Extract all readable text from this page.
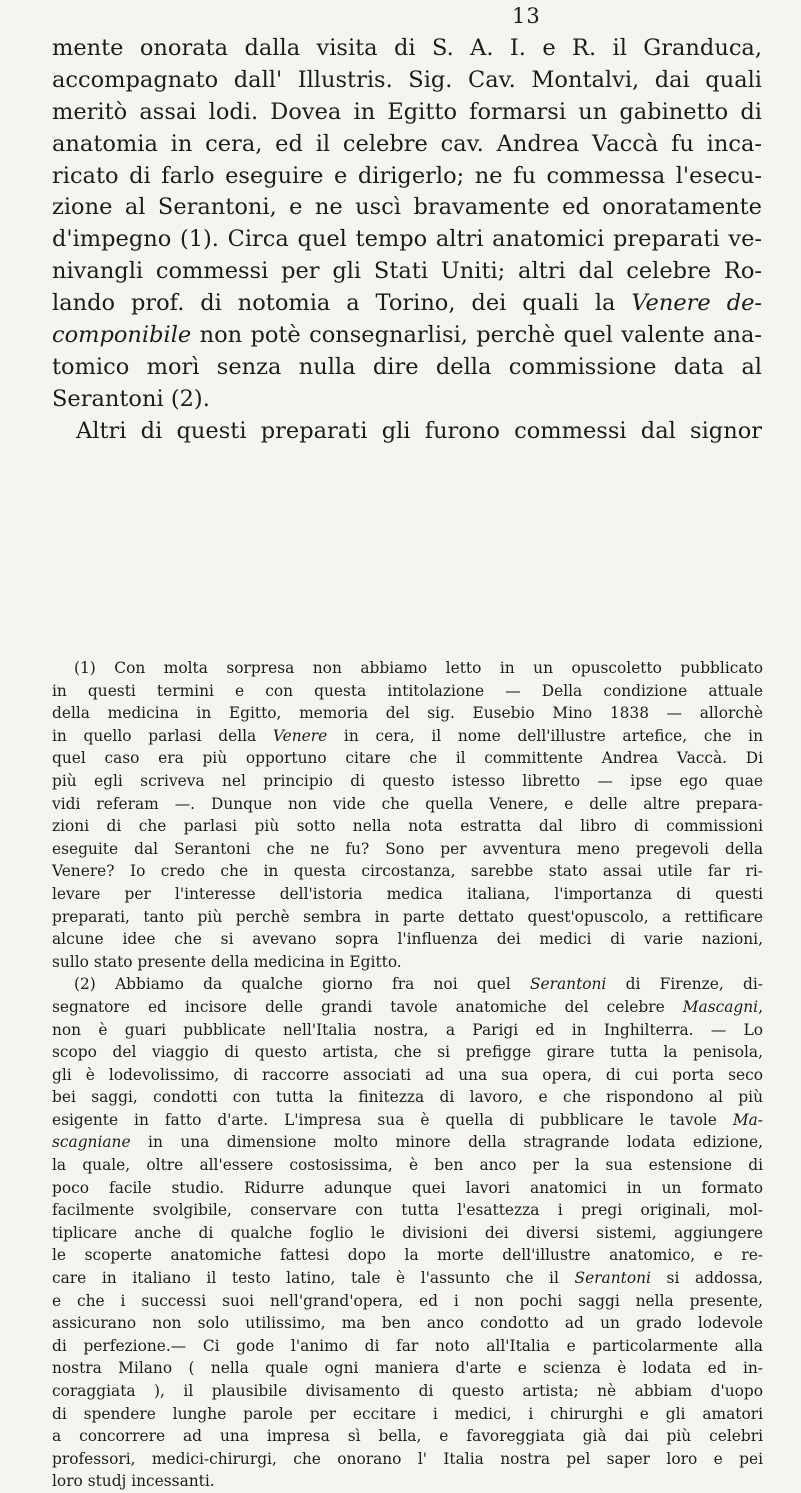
13
mente onorata dalla visita di S. A. I. e R. il Granduca,
accompagnato dall' Illustris. Sig. Cav. Montalvi, dai quali
meritò assai lodi. Dovea in Egitto formarsi un gabinetto di
anatomia in cera, ed il celebre cav. Andrea Vaccà fu inca-
ricato di farlo eseguire e dirigerlo; ne fu commessa l'esecu-
zione al Serantoni, e ne uscì bravamente ed onoratamente
d'impegno (1). Circa quel tempo altri anatomici preparati ve-
nivangli commessi per gli Stati Uniti; altri dal celebre Ro-
lando prof. di notomia a Torino, dei quali la Venere de-
componibile non potè consegnarlisi, perchè quel valente ana-
tomico morì senza nulla dire della commissione data al
Serantoni (2).
Altri di questi preparati gli furono commessi dal signor
(1) Con molta sorpresa non abbiamo letto in un opuscoletto pubblicato
in questi termini e con questa intitolazione — Della condizione attuale
della medicina in Egitto, memoria del sig. Eusebio Mino 1838 — allorchè
in quello parlasi della Venere in cera, il nome dell'illustre artefice, che in
quel caso era più opportuno citare che il committente Andrea Vaccà. Di
più egli scriveva nel principio di questo istesso libretto — ipse ego quae
vidi referam —. Dunque non vide che quella Venere, e delle altre prepara-
zioni di che parlasi più sotto nella nota estratta dal libro di commissioni
eseguite dal Serantoni che ne fu? Sono per avventura meno pregevoli della
Venere? Io credo che in questa circostanza, sarebbe stato assai utile far ri-
levare per l'interesse dell'istoria medica italiana, l'importanza di questi
preparati, tanto più perchè sembra in parte dettato quest'opuscolo, a rettificare
alcune idee che si avevano sopra l'influenza dei medici di varie nazioni,
sullo stato presente della medicina in Egitto.
(2) Abbiamo da qualche giorno fra noi quel Serantoni di Firenze, di-
segnatore ed incisore delle grandi tavole anatomiche del celebre Mascagni,
non è guari pubblicate nell'Italia nostra, a Parigi ed in Inghilterra. — Lo
scopo del viaggio di questo artista, che si prefigge girare tutta la penisola,
gli è lodevolissimo, di raccorre associati ad una sua opera, di cui porta seco
bei saggi, condotti con tutta la finitezza di lavoro, e che rispondono al più
esigente in fatto d'arte. L'impresa sua è quella di pubblicare le tavole Ma-
scagniane in una dimensione molto minore della stragrande lodata edizione,
la quale, oltre all'essere costosissima, è ben anco per la sua estensione di
poco facile studio. Ridurre adunque quei lavori anatomici in un formato
facilmente svolgibile, conservare con tutta l'esattezza i pregi originali, mol-
tiplicare anche di qualche foglio le divisioni dei diversi sistemi, aggiungere
le scoperte anatomiche fattesi dopo la morte dell'illustre anatomico, e re-
care in italiano il testo latino, tale è l'assunto che il Serantoni si addossa,
e che i successi suoi nell'grand'opera, ed i non pochi saggi nella presente,
assicurano non solo utilissimo, ma ben anco condotto ad un grado lodevole
di perfezione.— Ci gode l'animo di far noto all'Italia e particolarmente alla
nostra Milano ( nella quale ogni maniera d'arte e scienza è lodata ed in-
coraggiata ), il plausibile divisamento di questo artista; nè abbiam d'uopo
di spendere lunghe parole per eccitare i medici, i chirurghi e gli amatori
a concorrere ad una impresa sì bella, e favoreggiata già dai più celebri
professori, medici-chirurgi, che onorano l' Italia nostra pel saper loro e pei
loro studj incessanti.
